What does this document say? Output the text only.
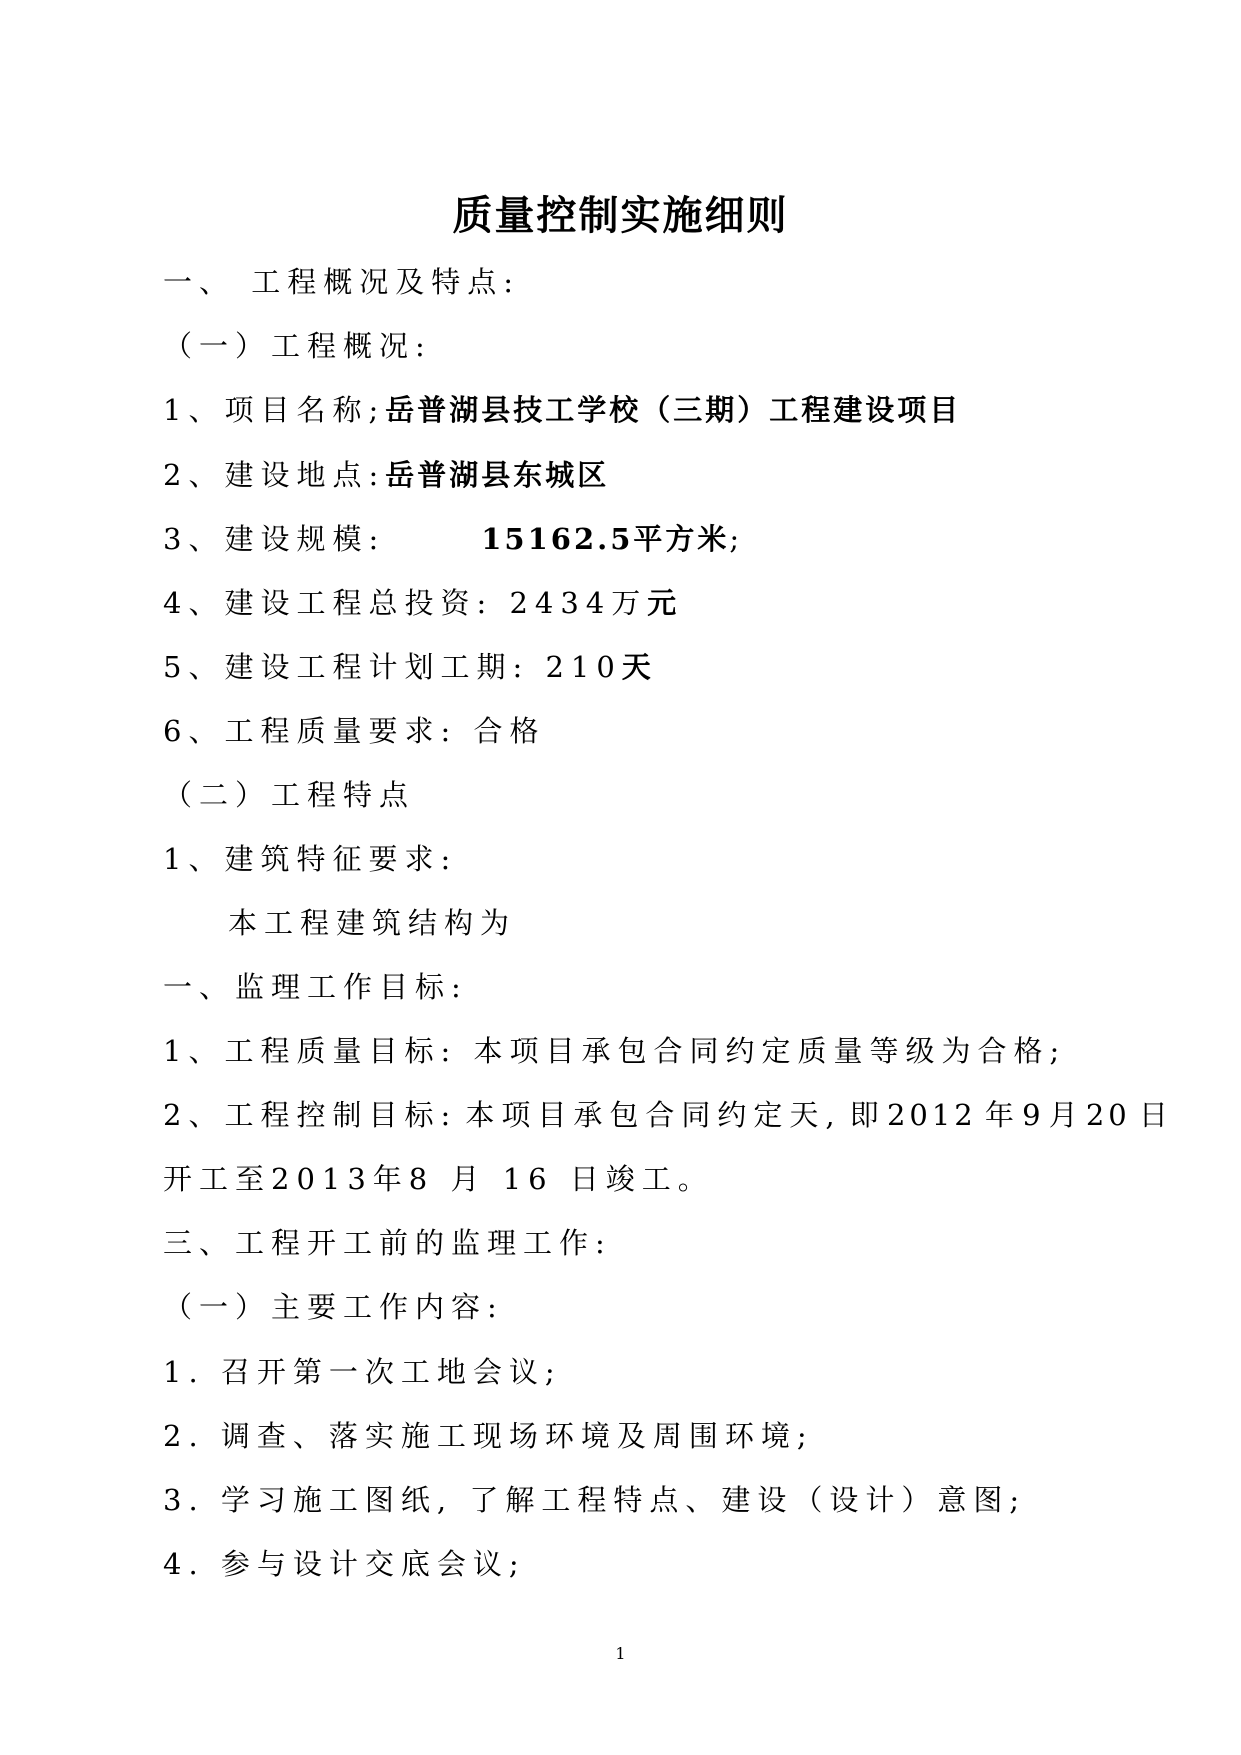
质量控制实施细则
一、 工程概况及特点:
（一）工程概况:
1、项目名称;岳普湖县技工学校（三期）工程建设项目
2、建设地点:岳普湖县东城区
3、建设规模:	15162.5平方米;
4、建设工程总投资: 2434万元
5、建设工程计划工期: 210天
6、工程质量要求: 合格
（二）工程特点
1、建筑特征要求:
本工程建筑结构为
一、监理工作目标:
1、工程质量目标: 本项目承包合同约定质量等级为合格;
2、工程控制目标: 本项目承包合同约定天, 即 2012 年 9 月 20 日
开工至2013年8 月 16 日竣工。
三、工程开工前的监理工作:
（一）主要工作内容:
1. 召开第一次工地会议;
2. 调查、落实施工现场环境及周围环境;
3. 学习施工图纸, 了解工程特点、建设（设计）意图;
4. 参与设计交底会议;
1
